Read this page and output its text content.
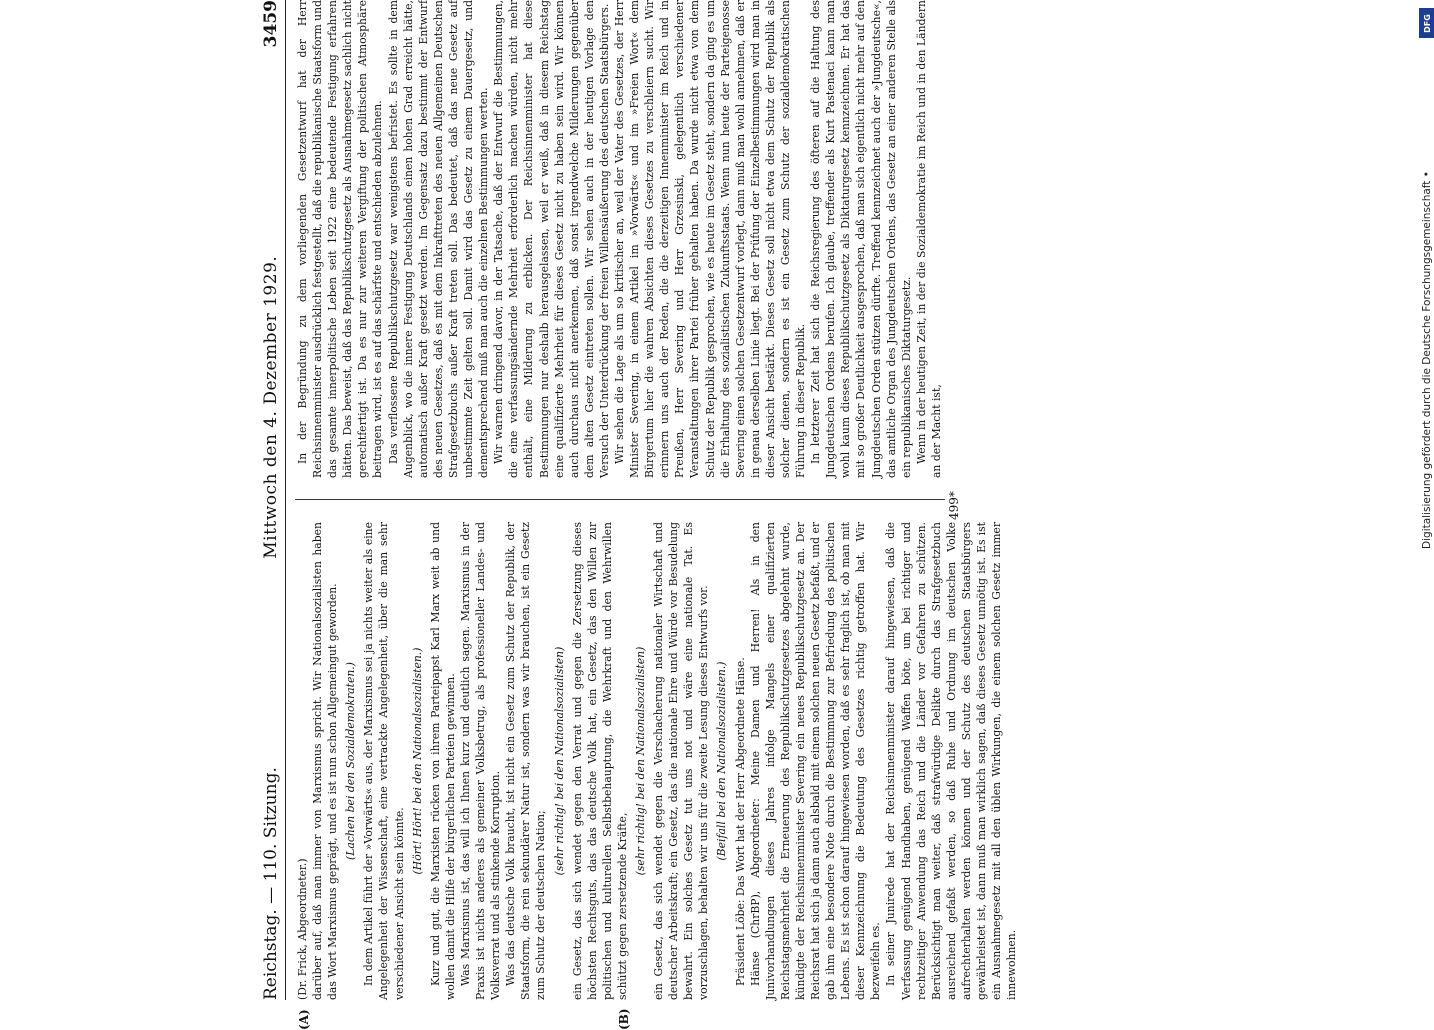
Reichstag. — 110. Sitzung.
Mittwoch den 4. Dezember 1929.
3459

(Dr. Frick, Abgeordneter.) darüber auf, daß man immer von Marxismus spricht. Wir Nationalsozialisten haben das Wort Marxismus geprägt, und es ist nun schon Allgemeingut geworden. (Lachen bei den Sozialdemokraten.) In dem Artikel führt der »Vorwärts« aus, der Marxismus sei ja nichts weiter als eine Angelegenheit der Wissenschaft, eine vertrackte Angelegenheit, über die man sehr verschiedener Ansicht sein könnte.

(Hört! Hört! bei den Nationalsozialisten.) Kurz und gut, die Marxisten rücken von ihrem Parteipapst Karl Marx weit ab und wollen damit die Hilfe der bürgerlichen Parteien gewinnen. Was Marxismus ist, das will ich Ihnen kurz und deutlich sagen. Marxismus in der Praxis ist nichts anderes als gemeiner Volksbetrug, als professioneller Landes- und Volksverrat und als stinkende Korruption. Was das deutsche Volk braucht, ist nicht ein Gesetz zum Schutz der Republik, der Staatsform, die rein sekundärer Natur ist, sondern was wir brauchen, ist ein Gesetz zum Schutz der deutschen Nation;

(sehr richtig! bei den Nationalsozialisten) ein Gesetz, das sich wendet gegen den Verrat und gegen die Zersetzung dieses höchsten Rechtsguts, das das deutsche Volk hat, ein Gesetz, das den Willen zur politischen und kulturellen Selbstbehauptung, die Wehrkraft und den Wehrwillen schützt gegen zersetzende Kräfte,

(sehr richtig! bei den Nationalsozialisten) ein Gesetz, das sich wendet gegen die Verschacherung nationaler Wirtschaft und deutscher Arbeitskraft; ein Gesetz, das die nationale Ehre und Würde vor Besudelung bewahrt. Ein solches Gesetz tut uns not und wäre eine nationale Tat. Es vorzuschlagen, behalten wir uns für die zweite Lesung dieses Entwurfs vor. (Beifall bei den Nationalsozialisten.) Präsident Löbe: Das Wort hat der Herr Abgeordnete Hänse. Hänse (ChrBP), Abgeordneter: Meine Damen und Herren! Als in den Junivorhandlungen dieses Jahres infolge Mangels einer qualifizierten Reichstagsmehrheit die Erneuerung des Republikschutzgesetzes abgelehnt wurde, kündigte der Reichsinnenminister Severing ein neues Republikschutzgesetz an. Der Reichsrat hat sich ja dann auch alsbald mit einem solchen neuen Gesetz befaßt, und er gab ihm eine besondere Note durch die Bestimmung zur Befriedung des politischen Lebens. Es ist schon darauf hingewiesen worden, daß es sehr fraglich ist, ob man mit dieser Kennzeichnung die Bedeutung des Gesetzes richtig getroffen hat. Wir bezweifeln es. In seiner Junirede hat der Reichsinnenminister darauf hingewiesen, daß die Verfassung genügend Handhaben, genügend Waffen böte, um bei richtiger und rechtzeitiger Anwendung das Reich und die Länder vor Gefahren zu schützen. Berücksichtigt man weiter, daß strafwürdige Delikte durch das Strafgesetzbuch ausreichend gefaßt werden, so daß Ruhe und Ordnung im deutschen Volke aufrechterhalten werden können und der Schutz des deutschen Staatsbürgers gewährleistet ist, dann muß man wirklich sagen, daß dieses Gesetz unnötig ist. Es ist ein Ausnahmegesetz mit all den üblen Wirkungen, die einem solchen Gesetz immer innewohnen.

In der Begründung zu dem vorliegenden Gesetzentwurf hat der Herr Reichsinnenminister ausdrücklich festgestellt, daß die republikanische Staatsform und das gesamte innerpolitische Leben seit 1922 eine bedeutende Festigung erfahren hätten. Das beweist, daß das Republikschutzgesetz als Ausnahmegesetz sachlich nicht gerechtfertigt ist. Da es nur zur weiteren Vergiftung der politischen Atmosphäre beitragen wird, ist es auf das schärfste und entschieden abzulehnen. Das verflossene Republikschutzgesetz war wenigstens befristet. Es sollte in dem Augenblick, wo die innere Festigung Deutschlands einen hohen Grad erreicht hätte, automatisch außer Kraft gesetzt werden. Im Gegensatz dazu bestimmt der Entwurf des neuen Gesetzes, daß es mit dem Inkrafttreten des neuen Allgemeinen Deutschen Strafgesetzbuchs außer Kraft treten soll. Das bedeutet, daß das neue Gesetz auf unbestimmte Zeit gelten soll. Damit wird das Gesetz zu einem Dauergesetz, und dementsprechend muß man auch die einzelnen Bestimmungen werten. Wir warnen dringend davor, in der Tatsache, daß der Entwurf die Bestimmungen, die eine verfassungsändernde Mehrheit erforderlich machen würden, nicht mehr enthält, eine Milderung zu erblicken. Der Reichsinnenminister hat diese Bestimmungen nur deshalb herausgelassen, weil er weiß, daß in diesem Reichstag eine qualifizierte Mehrheit für dieses Gesetz nicht zu haben sein wird. Wir können auch durchaus nicht anerkennen, daß sonst irgendwelche Milderungen gegenüber dem alten Gesetz eintreten sollen. Wir sehen auch in der heutigen Vorlage den Versuch der Unterdrückung der freien Willensäußerung des deutschen Staatsbürgers. Wir sehen die Lage als um so kritischer an, weil der Vater des Gesetzes, der Herr Minister Severing, in einem Artikel im »Vorwärts« und im »Freien Wort« dem Bürgertum hier die wahren Absichten dieses Gesetzes zu verschleiern sucht. Wir erinnern uns auch der Reden, die die derzeitigen Innenminister im Reich und in Preußen, Herr Severing und Herr Grzesinski, gelegentlich verschiedener Veranstaltungen ihrer Partei früher gehalten haben. Da wurde nicht etwa von dem Schutz der Republik gesprochen, wie es heute im Gesetz steht, sondern da ging es um die Erhaltung des sozialistischen Zukunftsstaats. Wenn nun heute der Parteigenosse Severing einen solchen Gesetzentwurf vorlegt, dann muß man wohl annehmen, daß er in genau derselben Linie liegt. Bei der Prüfung der Einzelbestimmungen wird man in dieser Ansicht bestärkt. Dieses Gesetz soll nicht etwa dem Schutz der Republik als solcher dienen, sondern es ist ein Gesetz zum Schutz der sozialdemokratischen Führung in dieser Republik. In letzterer Zeit hat sich die Reichsregierung des öfteren auf die Haltung des Jungdeutschen Ordens berufen. Ich glaube, treffender als Kurt Pastenaci kann man wohl kaum dieses Republikschutzgesetz als Diktaturgesetz kennzeichnen. Er hat das mit so großer Deutlichkeit ausgesprochen, daß man sich eigentlich nicht mehr auf den Jungdeutschen Orden stützen dürfte. Treffend kennzeichnet auch der »Jungdeutsche«, das amtliche Organ des Jungdeutschen Ordens, das Gesetz an einer anderen Stelle als ein republikanisches Diktaturgesetz. Wenn in der heutigen Zeit, in der die Sozialdemokratie im Reich und in den Ländern an der Macht ist,

(A)	(B)
499*
DFG
Digitalisierung gefördert durch die Deutsche Forschungsgemeinschaft •
